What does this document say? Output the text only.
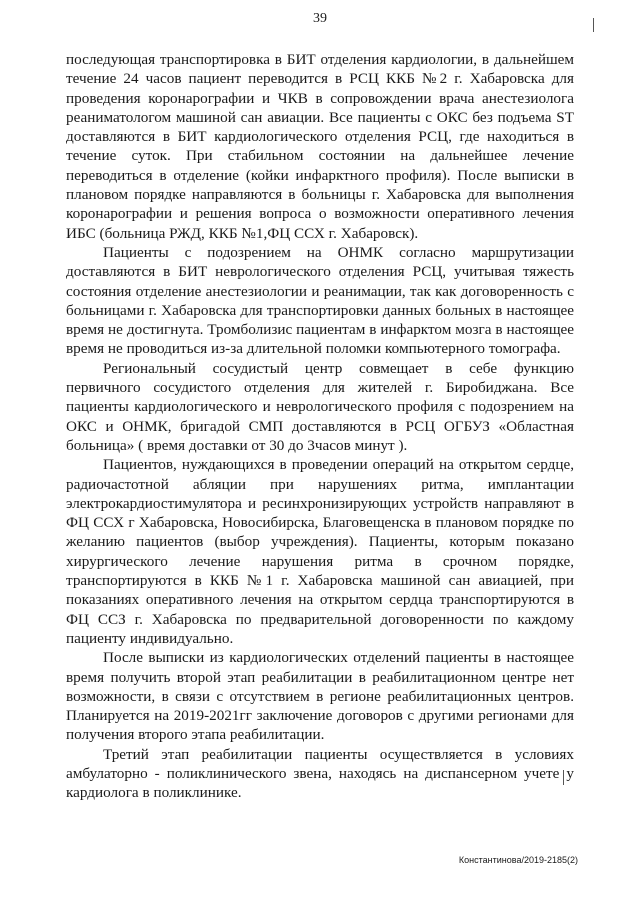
39

последующая транспортировка в БИТ отделения кардиологии, в дальнейшем течение 24 часов пациент переводится в РСЦ ККБ №2 г. Хабаровска для проведения коронарографии и ЧКВ в сопровождении врача анестезиолога реаниматологом машиной сан авиации. Все пациенты с ОКС без подъема ST доставляются в БИТ кардиологического отделения РСЦ, где находиться в течение суток. При стабильном состоянии на дальнейшее лечение переводиться в отделение (койки инфарктного профиля). После выписки в плановом порядке направляются в больницы г. Хабаровска для выполнения коронарографии и решения вопроса о возможности оперативного лечения ИБС (больница РЖД, ККБ №1,ФЦ ССХ г. Хабаровск).

Пациенты с подозрением на ОНМК согласно маршрутизации доставляются в БИТ неврологического отделения РСЦ, учитывая тяжесть состояния отделение анестезиологии и реанимации, так как договоренность с больницами г. Хабаровска для транспортировки данных больных в настоящее время не достигнута. Тромболизис пациентам в инфарктом мозга в настоящее время не проводиться из-за длительной поломки компьютерного томографа.

Региональный сосудистый центр совмещает в себе функцию первичного сосудистого отделения для жителей г. Биробиджана. Все пациенты кардиологического и неврологического профиля с подозрением на ОКС и ОНМК, бригадой СМП доставляются в РСЦ ОГБУЗ «Областная больница» ( время доставки от 30 до 3часов минут ).

Пациентов, нуждающихся в проведении операций на открытом сердце, радиочастотной абляции при нарушениях ритма, имплантации электрокардиостимулятора и ресинхронизирующих устройств направляют в ФЦ ССХ г Хабаровска, Новосибирска, Благовещенска в плановом порядке по желанию пациентов (выбор учреждения). Пациенты, которым показано хирургического лечение нарушения ритма в срочном порядке, транспортируются в ККБ №1 г. Хабаровска машиной сан авиацией, при показаниях оперативного лечения на открытом сердца транспортируются в ФЦ ССЗ г. Хабаровска по предварительной договоренности по каждому пациенту индивидуально.

После выписки из кардиологических отделений пациенты в настоящее время получить второй этап реабилитации в реабилитационном центре нет возможности, в связи с отсутствием в регионе реабилитационных центров. Планируется на 2019-2021гг заключение договоров с другими регионами для получения второго этапа реабилитации.

Третий этап реабилитации пациенты осуществляется в условиях амбулаторно - поликлинического звена, находясь на диспансерном учете у кардиолога в поликлинике.

Константинова/2019-2185(2)
